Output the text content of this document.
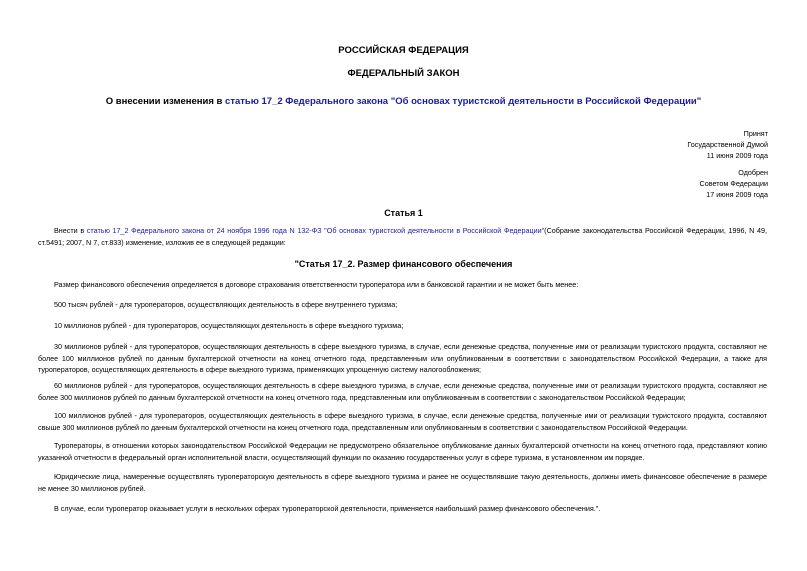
РОССИЙСКАЯ ФЕДЕРАЦИЯ
ФЕДЕРАЛЬНЫЙ ЗАКОН
О внесении изменения в статью 17_2 Федерального закона "Об основах туристской деятельности в Российской Федерации"
Принят
Государственной Думой
11 июня 2009 года
Одобрен
Советом Федерации
17 июня 2009 года
Статья 1
Внести в статью 17_2 Федерального закона от 24 ноября 1996 года N 132-ФЗ "Об основах туристской деятельности в Российской Федерации"(Собрание законодательства Российской Федерации, 1996, N 49, ст.5491; 2007, N 7, ст.833) изменение, изложив ее в следующей редакции:
"Статья 17_2. Размер финансового обеспечения
Размер финансового обеспечения определяется в договоре страхования ответственности туроператора или в банковской гарантии и не может быть менее:
500 тысяч рублей - для туроператоров, осуществляющих деятельность в сфере внутреннего туризма;
10 миллионов рублей - для туроператоров, осуществляющих деятельность в сфере въездного туризма;
30 миллионов рублей - для туроператоров, осуществляющих деятельность в сфере выездного туризма, в случае, если денежные средства, полученные ими от реализации туристского продукта, составляют не более 100 миллионов рублей по данным бухгалтерской отчетности на конец отчетного года, представленным или опубликованным в соответствии с законодательством Российской Федерации, а также для туроператоров, осуществляющих деятельность в сфере выездного туризма, применяющих упрощенную систему налогообложения;
60 миллионов рублей - для туроператоров, осуществляющих деятельность в сфере выездного туризма, в случае, если денежные средства, полученные ими от реализации туристского продукта, составляют не более 300 миллионов рублей по данным бухгалтерской отчетности на конец отчетного года, представленным или опубликованным в соответствии с законодательством Российской Федерации;
100 миллионов рублей - для туроператоров, осуществляющих деятельность в сфере выездного туризма, в случае, если денежные средства, полученные ими от реализации туристского продукта, составляют свыше 300 миллионов рублей по данным бухгалтерской отчетности на конец отчетного года, представленным или опубликованным в соответствии с законодательством Российской Федерации.
Туроператоры, в отношении которых законодательством Российской Федерации не предусмотрено обязательное опубликование данных бухгалтерской отчетности на конец отчетного года, представляют копию указанной отчетности в федеральный орган исполнительной власти, осуществляющий функции по оказанию государственных услуг в сфере туризма, в установленном им порядке.
Юридические лица, намеренные осуществлять туроператорскую деятельность в сфере выездного туризма и ранее не осуществлявшие такую деятельность, должны иметь финансовое обеспечение в размере не менее 30 миллионов рублей.
В случае, если туроператор оказывает услуги в нескольких сферах туроператорской деятельности, применяется наибольший размер финансового обеспечения.".
